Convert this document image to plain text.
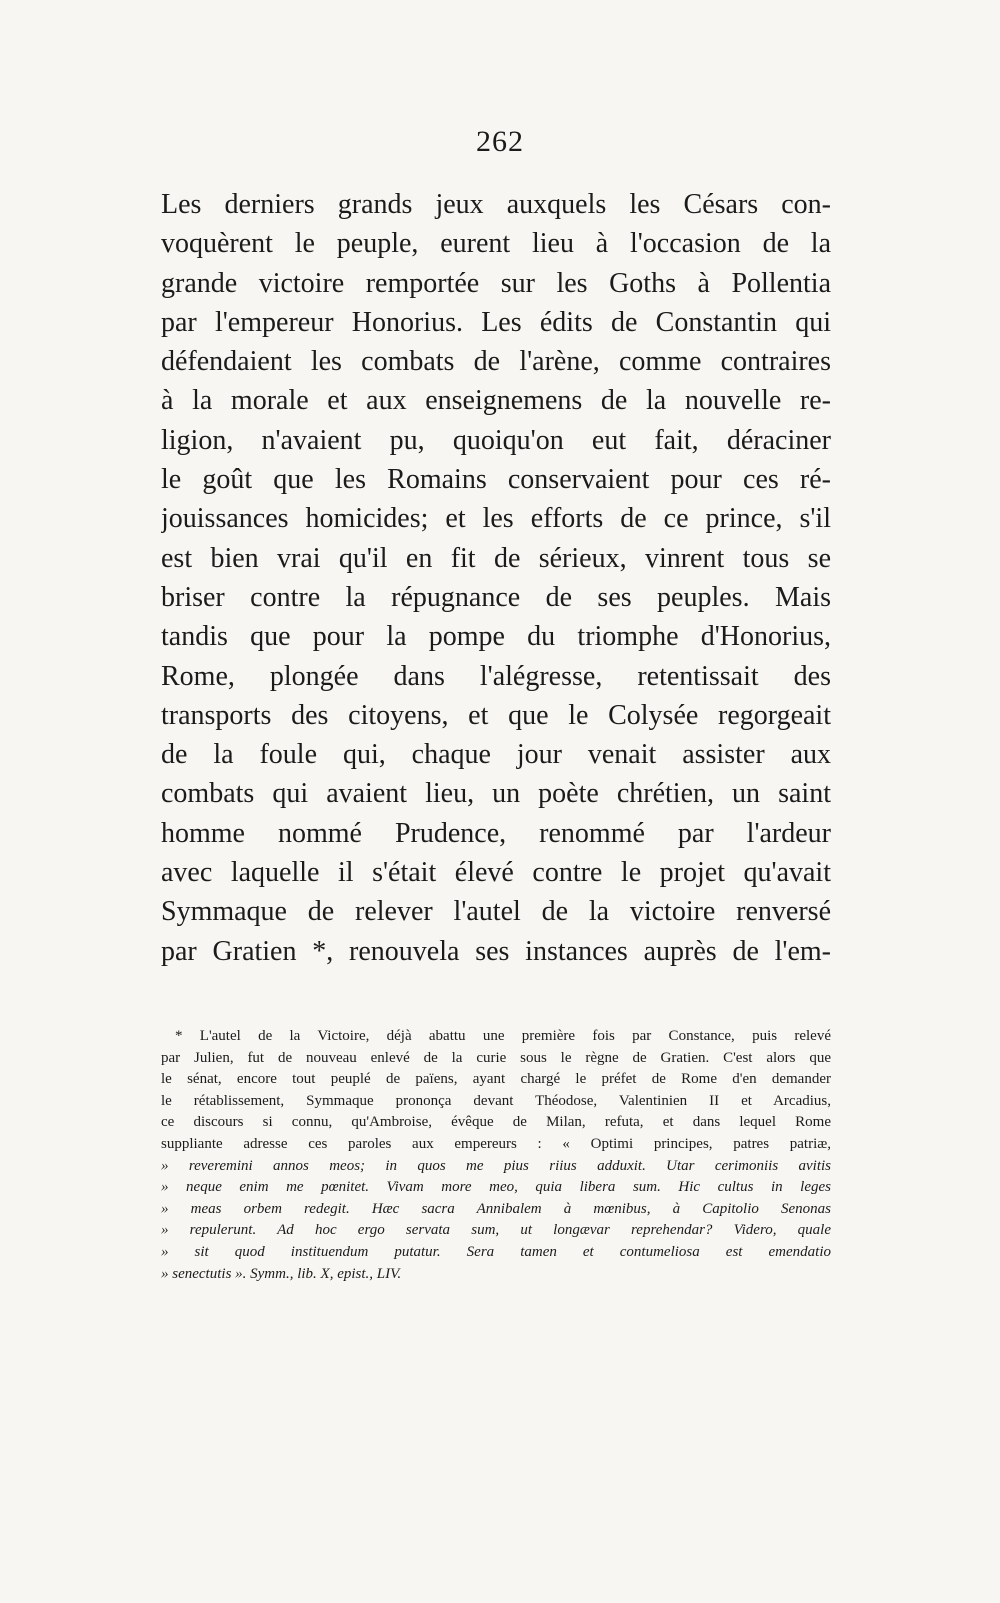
262
Les derniers grands jeux auxquels les Césars con-
voquèrent le peuple, eurent lieu à l'occasion de la
grande victoire remportée sur les Goths à Pollentia
par l'empereur Honorius. Les édits de Constantin qui
défendaient les combats de l'arène, comme contraires
à la morale et aux enseignemens de la nouvelle re-
ligion, n'avaient pu, quoiqu'on eut fait, déraciner
le goût que les Romains conservaient pour ces ré-
jouissances homicides; et les efforts de ce prince, s'il
est bien vrai qu'il en fit de sérieux, vinrent tous se
briser contre la répugnance de ses peuples. Mais
tandis que pour la pompe du triomphe d'Honorius,
Rome, plongée dans l'alégresse, retentissait des
transports des citoyens, et que le Colysée regorgeait
de la foule qui, chaque jour venait assister aux
combats qui avaient lieu, un poète chrétien, un saint
homme nommé Prudence, renommé par l'ardeur
avec laquelle il s'était élevé contre le projet qu'avait
Symmaque de relever l'autel de la victoire renversé
par Gratien *, renouvela ses instances auprès de l'em-
* L'autel de la Victoire, déjà abattu une première fois par Constance, puis relevé
par Julien, fut de nouveau enlevé de la curie sous le règne de Gratien. C'est alors que
le sénat, encore tout peuplé de païens, ayant chargé le préfet de Rome d'en demander
le rétablissement, Symmaque prononça devant Théodose, Valentinien II et Arcadius,
ce discours si connu, qu'Ambroise, évêque de Milan, refuta, et dans lequel Rome
suppliante adresse ces paroles aux empereurs : « Optimi principes, patres patriæ,
» reveremini annos meos; in quos me pius riius adduxit. Utar cerimoniis avitis
» neque enim me pœnitet. Vivam more meo, quia libera sum. Hic cultus in leges
» meas orbem redegit. Hæc sacra Annibalem à mœnibus, à Capitolio Senonas
» repulerunt. Ad hoc ergo servata sum, ut longævar reprehendar? Videro, quale
» sit quod instituendum putatur. Sera tamen et contumeliosa est emendatio
» senectutis ». Symm., lib. X, epist., LIV.
